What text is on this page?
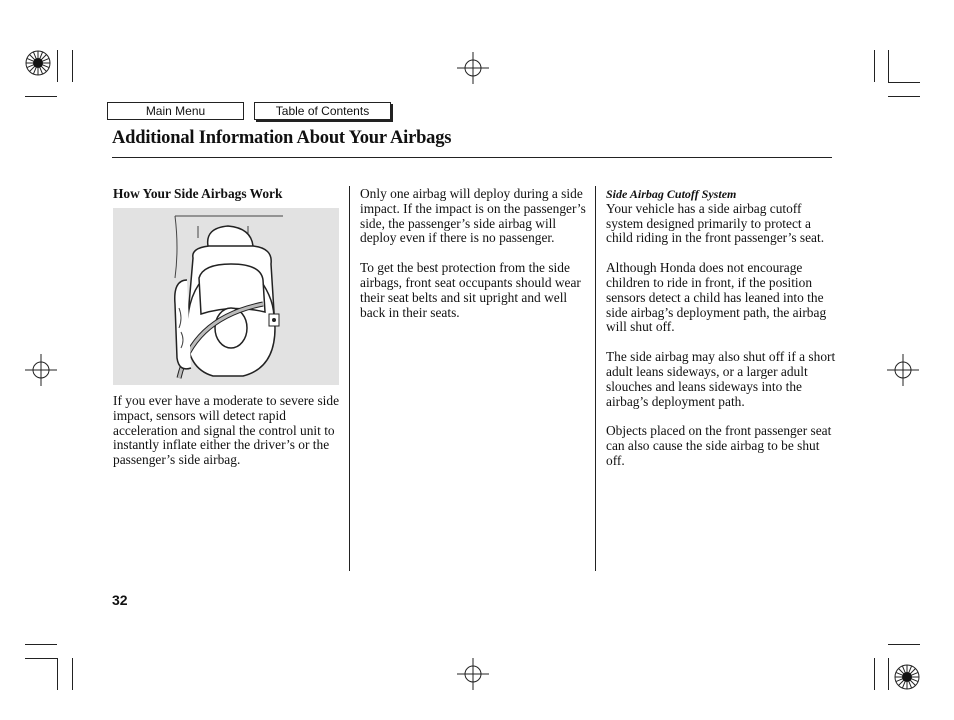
Main Menu	Table of Contents
Additional Information About Your Airbags
How Your Side Airbags Work

If you ever have a moderate to severe side impact, sensors will detect rapid acceleration and signal the control unit to instantly inflate either the driver’s or the passenger’s side airbag.

Only one airbag will deploy during a side impact. If the impact is on the passenger’s side, the passenger’s side airbag will deploy even if there is no passenger.

To get the best protection from the side airbags, front seat occupants should wear their seat belts and sit upright and well back in their seats.

Side Airbag Cutoff System

Your vehicle has a side airbag cutoff system designed primarily to protect a child riding in the front passenger’s seat.

Although Honda does not encourage children to ride in front, if the position sensors detect a child has leaned into the side airbag’s deployment path, the airbag will shut off.

The side airbag may also shut off if a short adult leans sideways, or a larger adult slouches and leans sideways into the airbag’s deployment path.

Objects placed on the front passenger seat can also cause the side airbag to be shut off.

32
